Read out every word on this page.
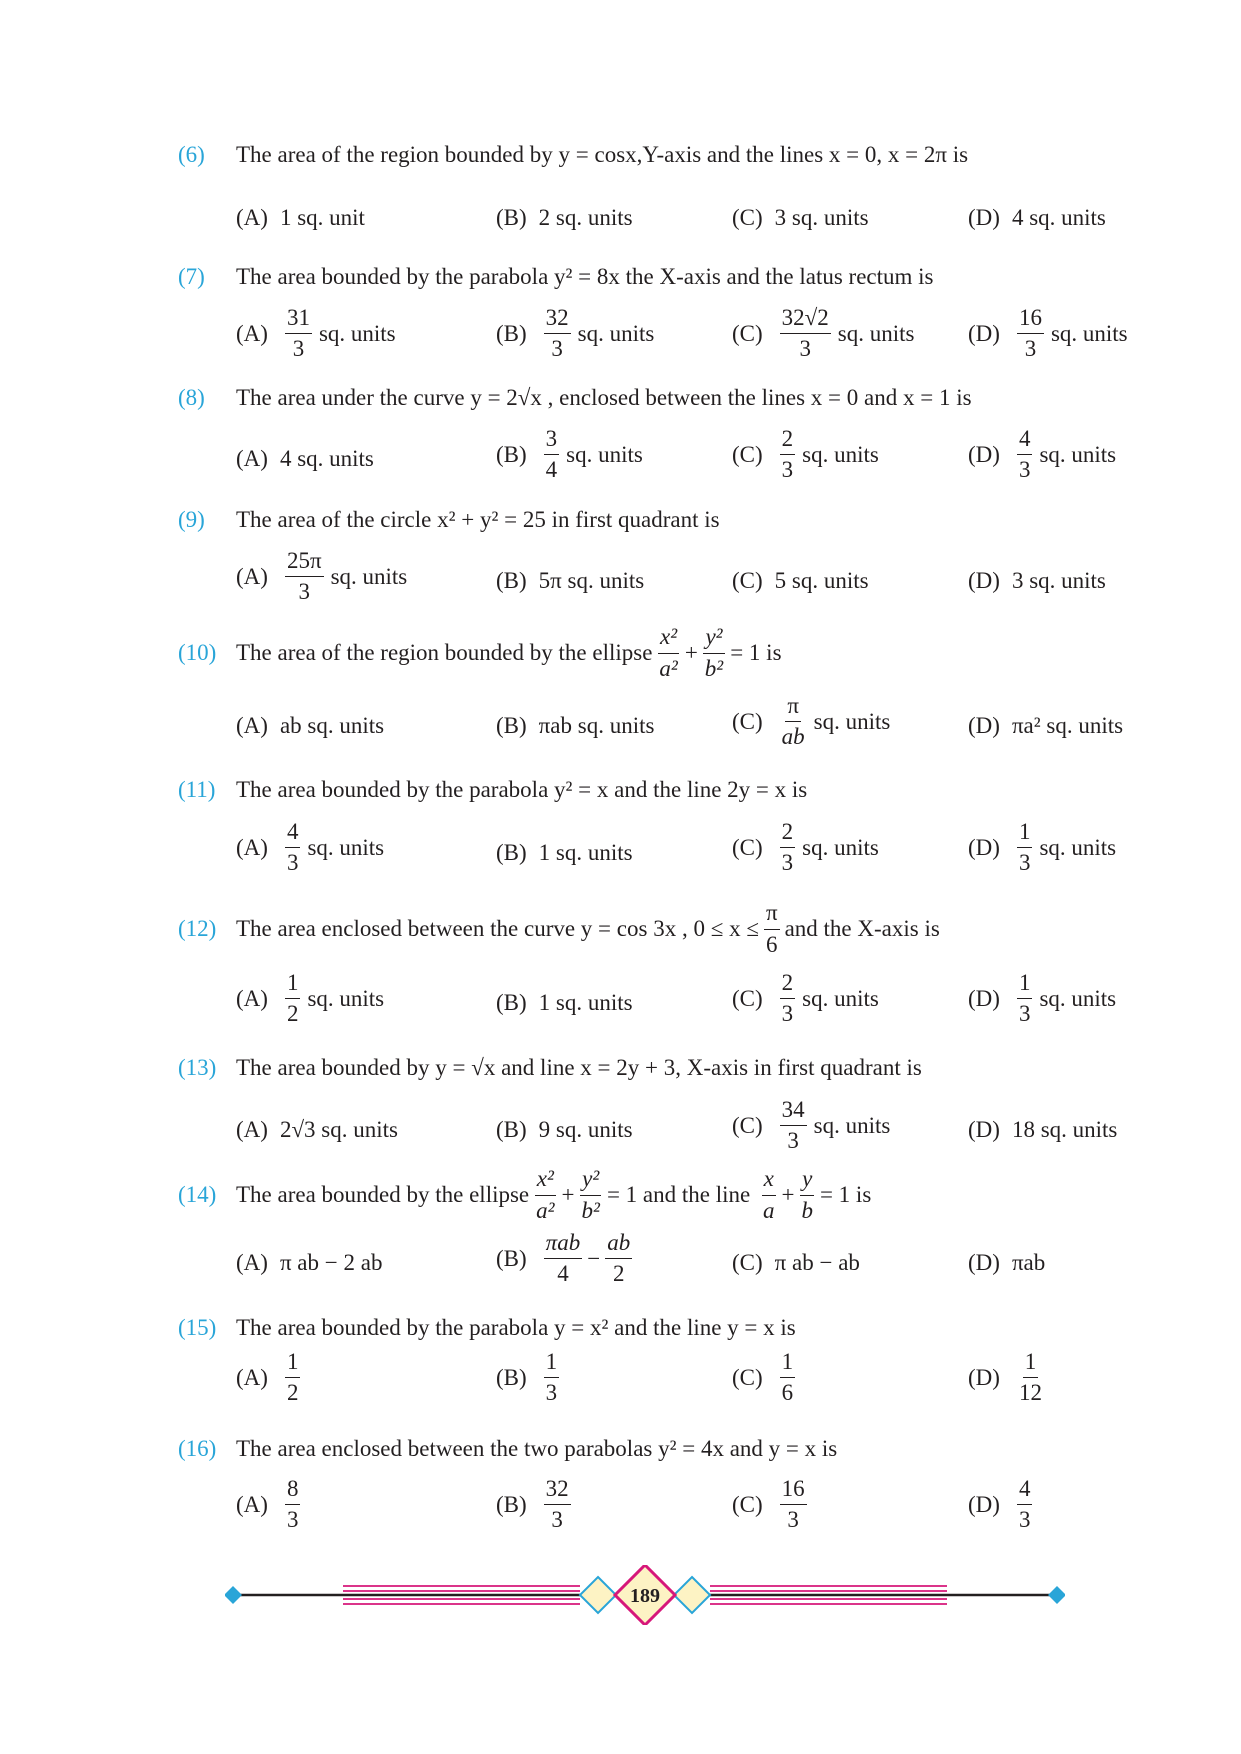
(6) The area of the region bounded by y = cosx,Y-axis and the lines x = 0, x = 2π is
(A) 1 sq. unit	(B) 2 sq. units	(C) 3 sq. units	(D) 4 sq. units
(7) The area bounded by the parabola y² = 8x the X-axis and the latus rectum is
$(A) \frac{31}{3}$ sq. units	$(B) \frac{32}{3}$ sq. units	$(C) \frac{32√2}{3}$ sq. units $(D) \frac{16}{3}$ sq. units
(8) The area under the curve y = 2√x , enclosed between the lines x = 0 and x = 1 is
(A) 4 sq. units	$(B) \frac{3}{4}$ sq. units	$(C) \frac{2}{3}$ sq. units	$(D) \frac{4}{3}$ sq. units
(9) The area of the circle x² + y² = 25 in first quadrant is
$(A) \frac{25\pi}{3}$ sq. units	(B) 5π sq. units	(C) 5 sq. units	(D) 3 sq. units
(10) The area of the region bounded by the ellipse $\frac{\text{x²}}{\text{a²}} + \frac{\text{y²}}{\text{b²}} = 1$ is
(A) ab sq. units	(B) πab sq. units	$(C) \frac{\pi}{ab}$ sq. units	(D) πa² sq. units
(11) The area bounded by the parabola y² = x and the line 2y = x is
$(A) \frac{4}{3}$ sq. units	(B) 1 sq. units	$(C) \frac{2}{3}$ sq. units	$(D) \frac{1}{3}$ sq. units
(12) The area enclosed between the curve y = cos 3x , $0 \le x \le \frac{\pi}{6}$ and the X-axis is
$(A) \frac{1}{2}$ sq. units	(B) 1 sq. units	$(C) \frac{2}{3}$ sq. units	$(D) \frac{1}{3}$ sq. units
(13) The area bounded by y = √x and line x = 2y + 3, X-axis in first quadrant is
(A) 2√3 sq. units	(B) 9 sq. units	$(C) \frac{34}{3}$ sq. units	(D) 18 sq. units
(14) The area bounded by the ellipse $\frac{\text{x²}}{\text{a²}} + \frac{\text{y²}}{\text{b²}} = 1$ and the line
$\frac{x}{a} + \frac{y}{b} = 1$ is
(A) π ab − 2 ab	$(B) \frac{\text{πab}}{4} - \frac{ab}{2}$	(C) π ab − ab	(D) πab
(15) The area bounded by the parabola y = x² and the line y = x is
$(A) \frac{1}{2}$	$(B) \frac{1}{3}$	$(C) \frac{1}{6}$	$(D) \frac{1}{12}$
(16) The area enclosed between the two parabolas y² = 4x and y = x is
$(A) \frac{8}{3}$	$(B) \frac{32}{3}$	$(C) \frac{16}{3}$	$(D) \frac{4}{3}$
189
